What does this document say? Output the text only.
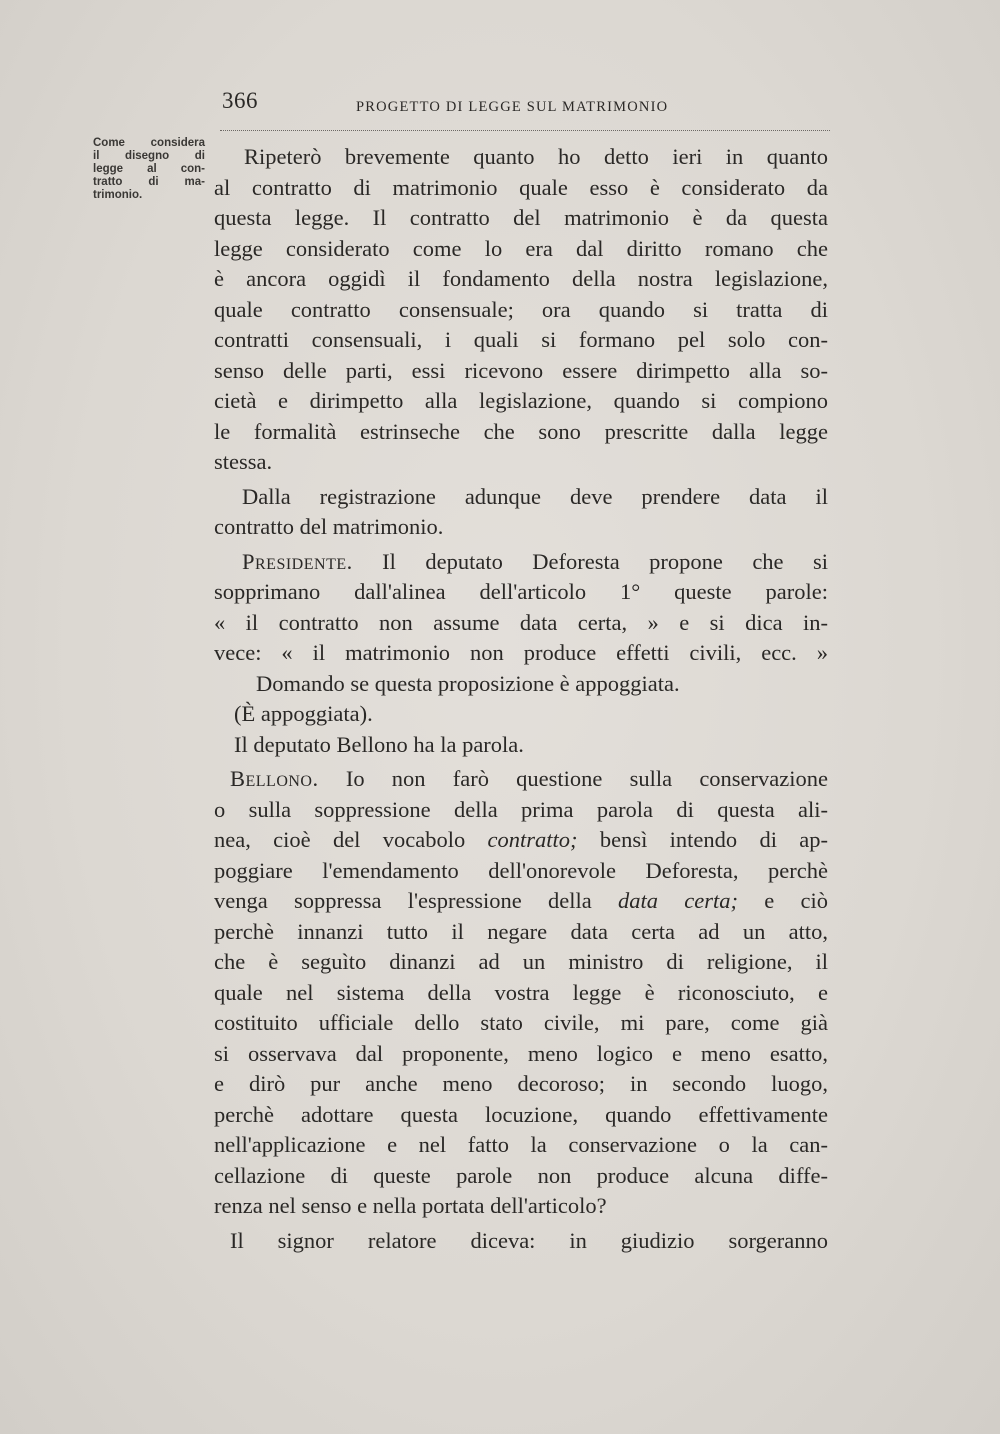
366	PROGETTO DI LEGGE SUL MATRIMONIO
Come considera
il disegno di
legge al con-
tratto di ma-
trimonio.
Ripeterò brevemente quanto ho detto ieri in quanto
al contratto di matrimonio quale esso è considerato da
questa legge. Il contratto del matrimonio è da questa
legge considerato come lo era dal diritto romano che
è ancora oggidì il fondamento della nostra legislazione,
quale contratto consensuale; ora quando si tratta di
contratti consensuali, i quali si formano pel solo con-
senso delle parti, essi ricevono essere dirimpetto alla so-
cietà e dirimpetto alla legislazione, quando si compiono
le formalità estrinseche che sono prescritte dalla legge
stessa.
Dalla registrazione adunque deve prendere data il
contratto del matrimonio.
Presidente. Il deputato Deforesta propone che si
sopprimano dall'alinea dell'articolo 1° queste parole:
« il contratto non assume data certa, » e si dica in-
vece: « il matrimonio non produce effetti civili, ecc. »
Domando se questa proposizione è appoggiata.
(È appoggiata).
Il deputato Bellono ha la parola.
Bellono. Io non farò questione sulla conservazione
o sulla soppressione della prima parola di questa ali-
nea, cioè del vocabolo contratto; bensì intendo di ap-
poggiare l'emendamento dell'onorevole Deforesta, perchè
venga soppressa l'espressione della data certa; e ciò
perchè innanzi tutto il negare data certa ad un atto,
che è seguìto dinanzi ad un ministro di religione, il
quale nel sistema della vostra legge è riconosciuto, e
costituito ufficiale dello stato civile, mi pare, come già
si osservava dal proponente, meno logico e meno esatto,
e dirò pur anche meno decoroso; in secondo luogo,
perchè adottare questa locuzione, quando effettivamente
nell'applicazione e nel fatto la conservazione o la can-
cellazione di queste parole non produce alcuna diffe-
renza nel senso e nella portata dell'articolo?
Il signor relatore diceva: in giudizio sorgeranno
